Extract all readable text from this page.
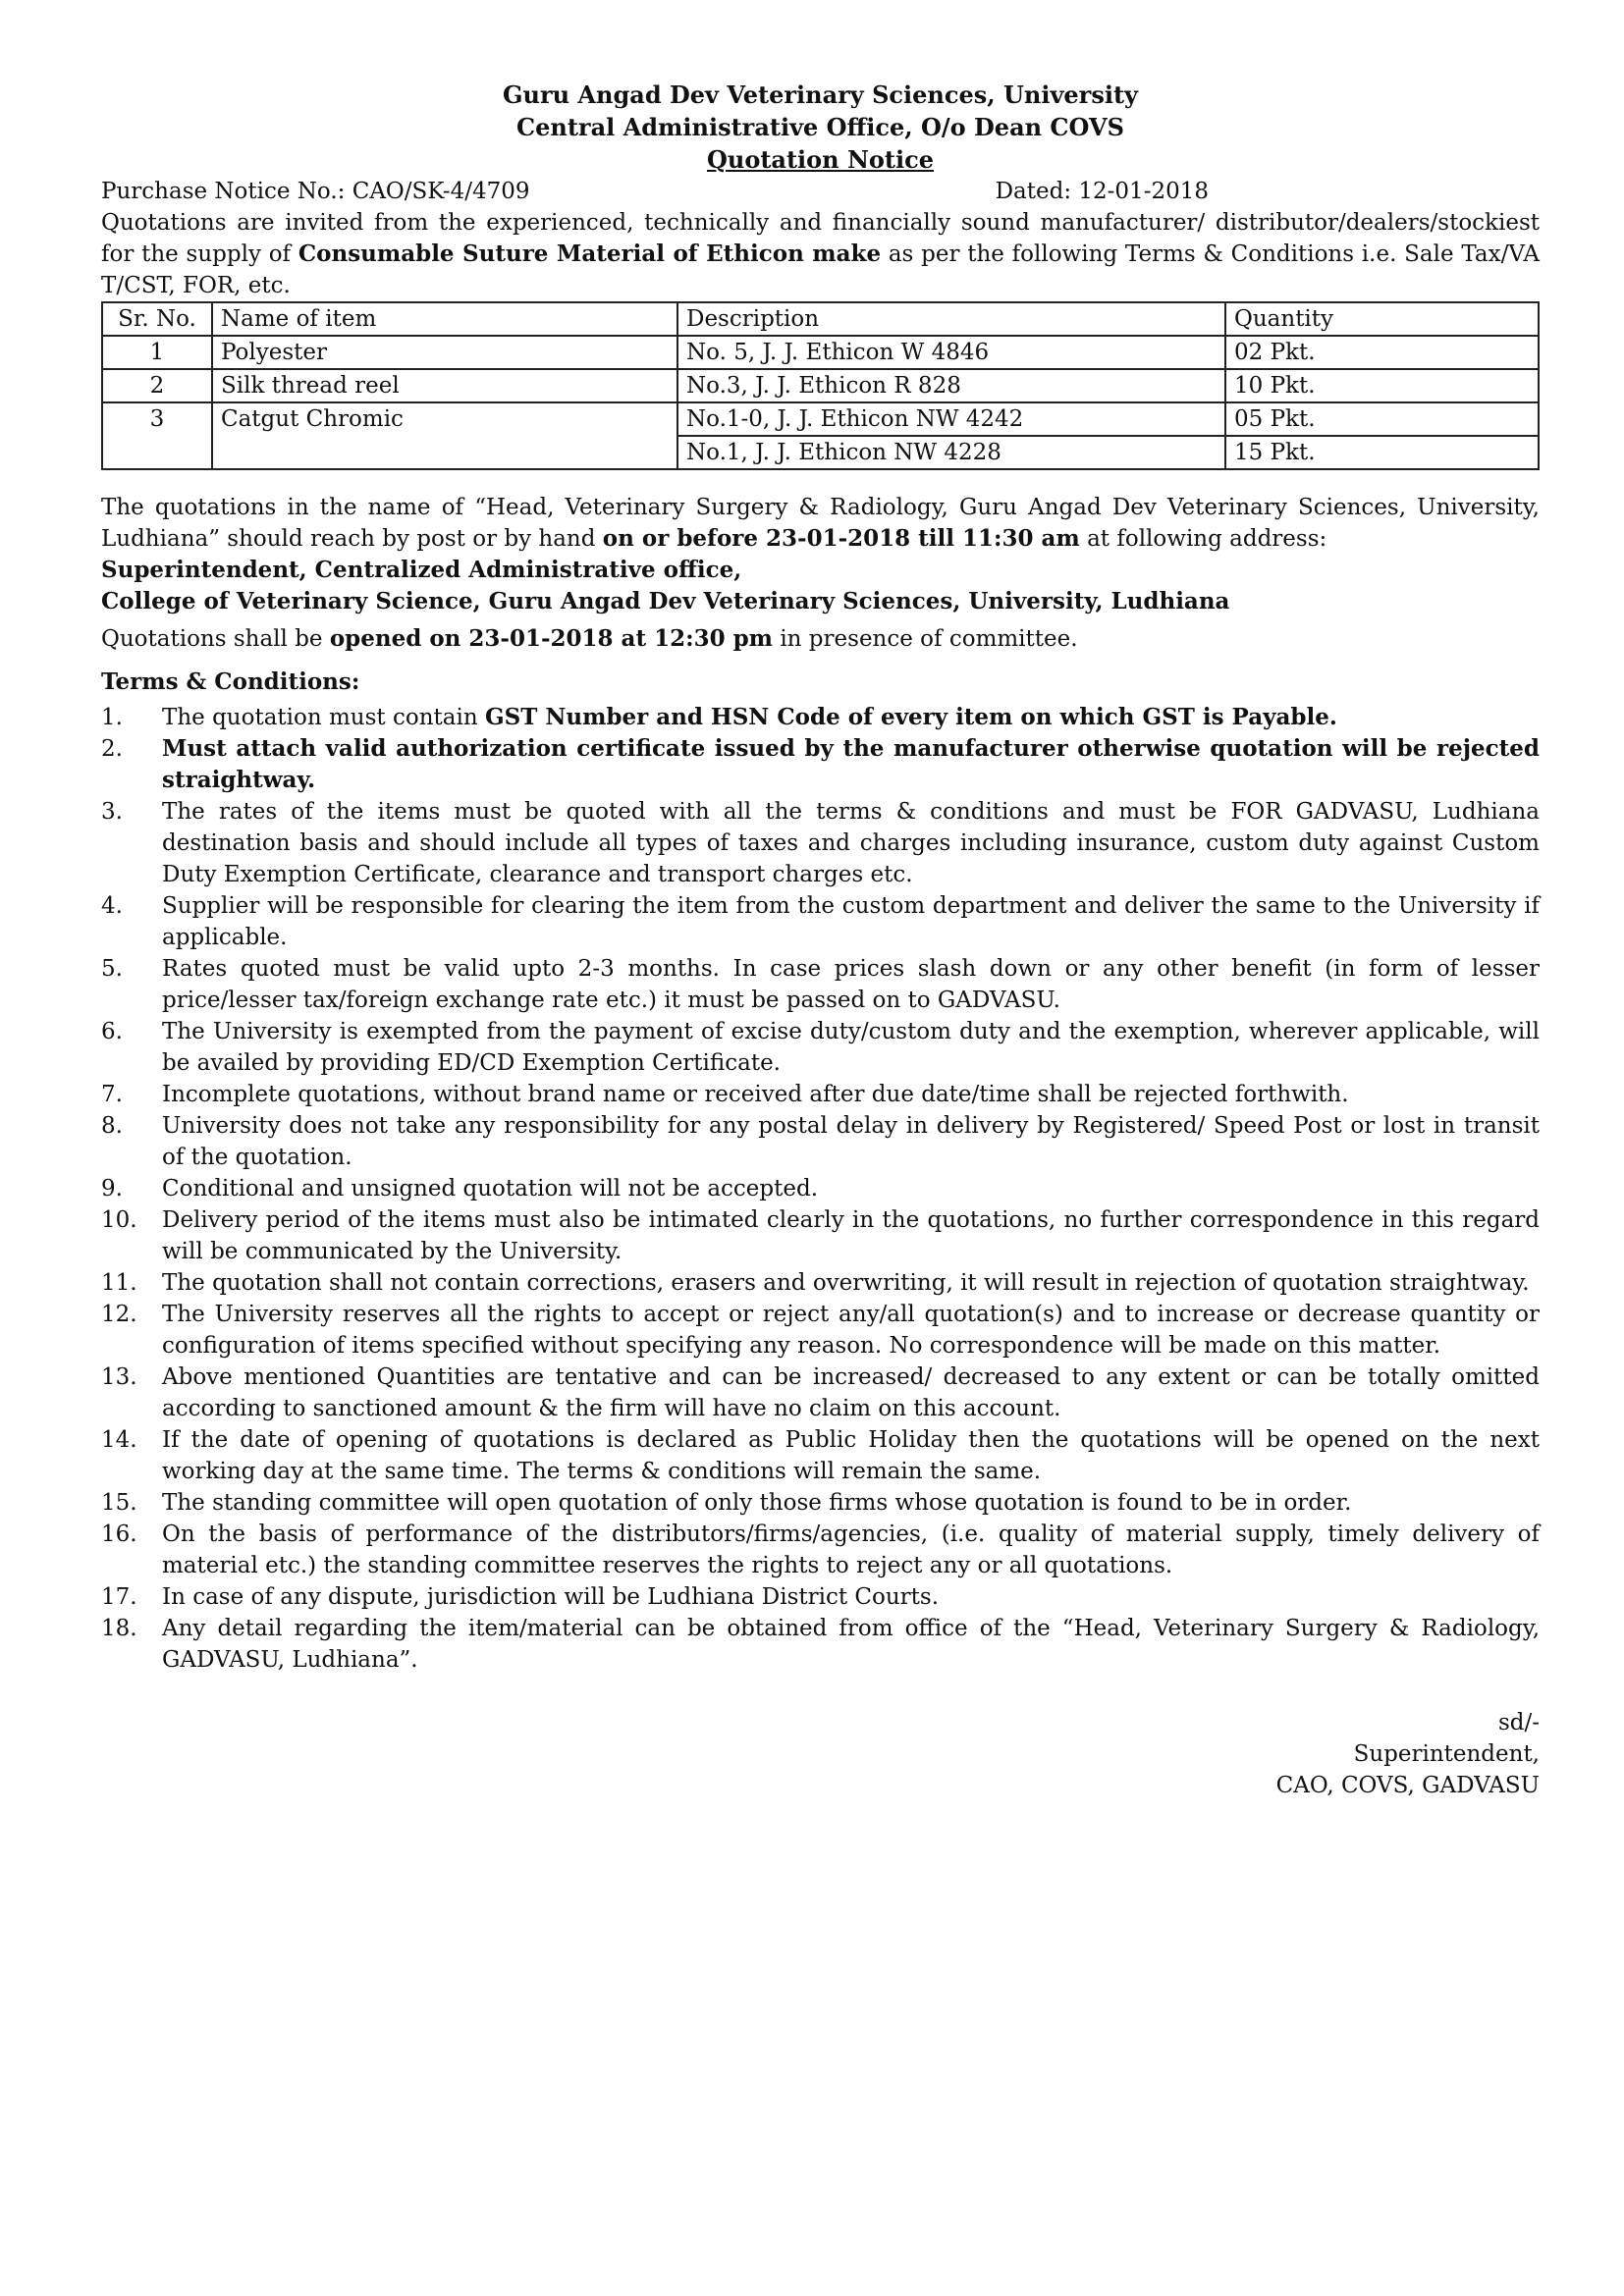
Guru Angad Dev Veterinary Sciences, University
Central Administrative Office, O/o Dean COVS
Quotation Notice
Purchase Notice No.: CAO/SK-4/4709	Dated: 12-01-2018
Quotations are invited from the experienced, technically and financially sound manufacturer/ distributor/dealers/stockiest for the supply of Consumable Suture Material of Ethicon make as per the following Terms & Conditions i.e. Sale Tax/VA T/CST, FOR, etc.
Sr. No.	Name of item	Description	Quantity
1	Polyester	No. 5, J. J. Ethicon W 4846	02 Pkt.
2	Silk thread reel	No.3, J. J. Ethicon R 828	10 Pkt.
3	Catgut Chromic	No.1-0, J. J. Ethicon NW 4242	05 Pkt.
		No.1, J. J. Ethicon NW 4228	15 Pkt.
The quotations in the name of “Head, Veterinary Surgery & Radiology, Guru Angad Dev Veterinary Sciences, University, Ludhiana” should reach by post or by hand on or before 23-01-2018 till 11:30 am at following address:
Superintendent, Centralized Administrative office,
College of Veterinary Science, Guru Angad Dev Veterinary Sciences, University, Ludhiana
Quotations shall be opened on 23-01-2018 at 12:30 pm in presence of committee.
Terms & Conditions:
1.	The quotation must contain GST Number and HSN Code of every item on which GST is Payable.
2.	Must attach valid authorization certificate issued by the manufacturer otherwise quotation will be rejected straightway.
3.	The rates of the items must be quoted with all the terms & conditions and must be FOR GADVASU, Ludhiana destination basis and should include all types of taxes and charges including insurance, custom duty against Custom Duty Exemption Certificate, clearance and transport charges etc.
4.	Supplier will be responsible for clearing the item from the custom department and deliver the same to the University if applicable.
5.	Rates quoted must be valid upto 2-3 months. In case prices slash down or any other benefit (in form of lesser price/lesser tax/foreign exchange rate etc.) it must be passed on to GADVASU.
6.	The University is exempted from the payment of excise duty/custom duty and the exemption, wherever applicable, will be availed by providing ED/CD Exemption Certificate.
7.	Incomplete quotations, without brand name or received after due date/time shall be rejected forthwith.
8.	University does not take any responsibility for any postal delay in delivery by Registered/ Speed Post or lost in transit of the quotation.
9.	Conditional and unsigned quotation will not be accepted.
10.	Delivery period of the items must also be intimated clearly in the quotations, no further correspondence in this regard will be communicated by the University.
11.	The quotation shall not contain corrections, erasers and overwriting, it will result in rejection of quotation straightway.
12.	The University reserves all the rights to accept or reject any/all quotation(s) and to increase or decrease quantity or configuration of items specified without specifying any reason. No correspondence will be made on this matter.
13.	Above mentioned Quantities are tentative and can be increased/ decreased to any extent or can be totally omitted according to sanctioned amount & the firm will have no claim on this account.
14.	If the date of opening of quotations is declared as Public Holiday then the quotations will be opened on the next working day at the same time. The terms & conditions will remain the same.
15.	The standing committee will open quotation of only those firms whose quotation is found to be in order.
16.	On the basis of performance of the distributors/firms/agencies, (i.e. quality of material supply, timely delivery of material etc.) the standing committee reserves the rights to reject any or all quotations.
17.	In case of any dispute, jurisdiction will be Ludhiana District Courts.
18.	Any detail regarding the item/material can be obtained from office of the “Head, Veterinary Surgery & Radiology, GADVASU, Ludhiana”.
sd/-
Superintendent,
CAO, COVS, GADVASU
